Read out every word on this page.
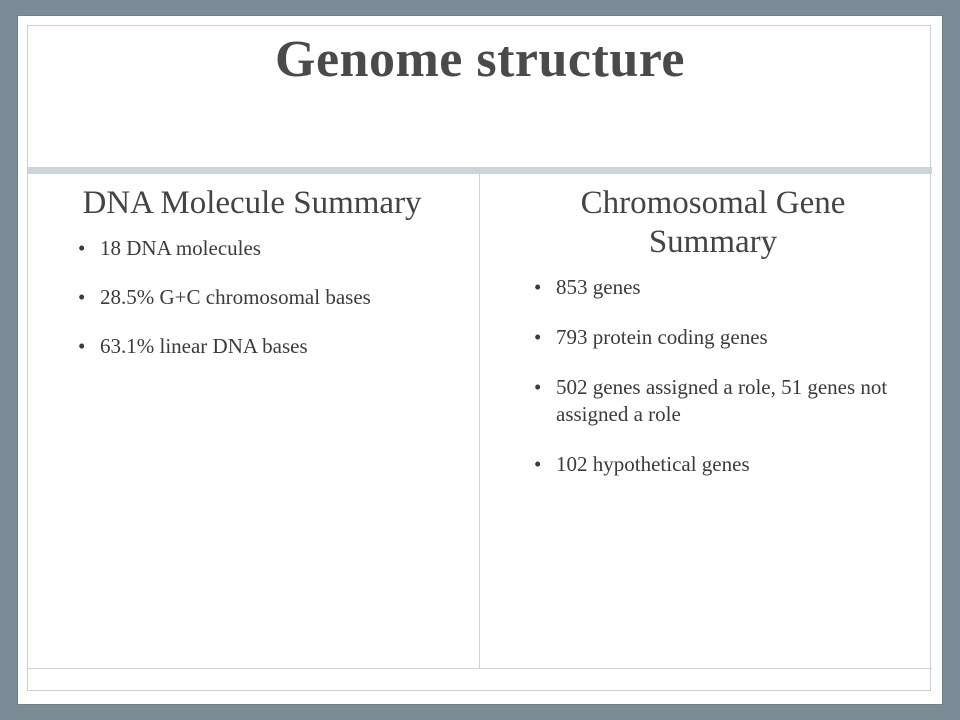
Genome structure
DNA Molecule Summary
• 18 DNA molecules
• 28.5% G+C chromosomal bases
• 63.1% linear DNA bases
Chromosomal Gene Summary
• 853 genes
• 793 protein coding genes
• 502 genes assigned a role, 51 genes not assigned a role
• 102 hypothetical genes
